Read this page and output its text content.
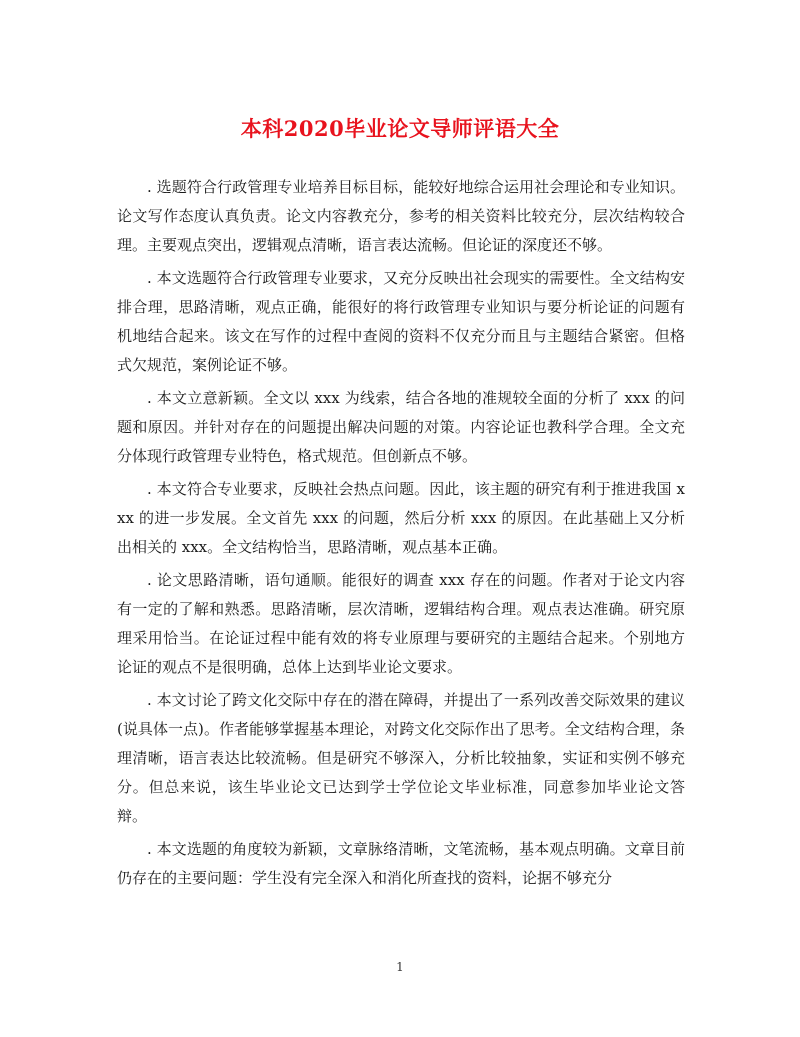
本科2020毕业论文导师评语大全

. 选题符合行政管理专业培养目标目标，能较好地综合运用社会理论和专业知识。论文写作态度认真负责。论文内容教充分，参考的相关资料比较充分，层次结构较合理。主要观点突出，逻辑观点清晰，语言表达流畅。但论证的深度还不够。

. 本文选题符合行政管理专业要求，又充分反映出社会现实的需要性。全文结构安排合理，思路清晰，观点正确，能很好的将行政管理专业知识与要分析论证的问题有机地结合起来。该文在写作的过程中查阅的资料不仅充分而且与主题结合紧密。但格式欠规范，案例论证不够。

. 本文立意新颖。全文以 xxx 为线索，结合各地的准规较全面的分析了 xxx 的问题和原因。并针对存在的问题提出解决问题的对策。内容论证也教科学合理。全文充分体现行政管理专业特色，格式规范。但创新点不够。

. 本文符合专业要求，反映社会热点问题。因此，该主题的研究有利于推进我国 xxx 的进一步发展。全文首先 xxx 的问题，然后分析 xxx 的原因。在此基础上又分析出相关的 xxx。全文结构恰当，思路清晰，观点基本正确。

. 论文思路清晰，语句通顺。能很好的调查 xxx 存在的问题。作者对于论文内容有一定的了解和熟悉。思路清晰，层次清晰，逻辑结构合理。观点表达准确。研究原理采用恰当。在论证过程中能有效的将专业原理与要研究的主题结合起来。个别地方论证的观点不是很明确，总体上达到毕业论文要求。

. 本文讨论了跨文化交际中存在的潜在障碍，并提出了一系列改善交际效果的建议(说具体一点)。作者能够掌握基本理论，对跨文化交际作出了思考。全文结构合理，条理清晰，语言表达比较流畅。但是研究不够深入，分析比较抽象，实证和实例不够充分。但总来说，该生毕业论文已达到学士学位论文毕业标准，同意参加毕业论文答辩。

. 本文选题的角度较为新颖，文章脉络清晰，文笔流畅，基本观点明确。文章目前仍存在的主要问题：学生没有完全深入和消化所查找的资料，论据不够充分

1
